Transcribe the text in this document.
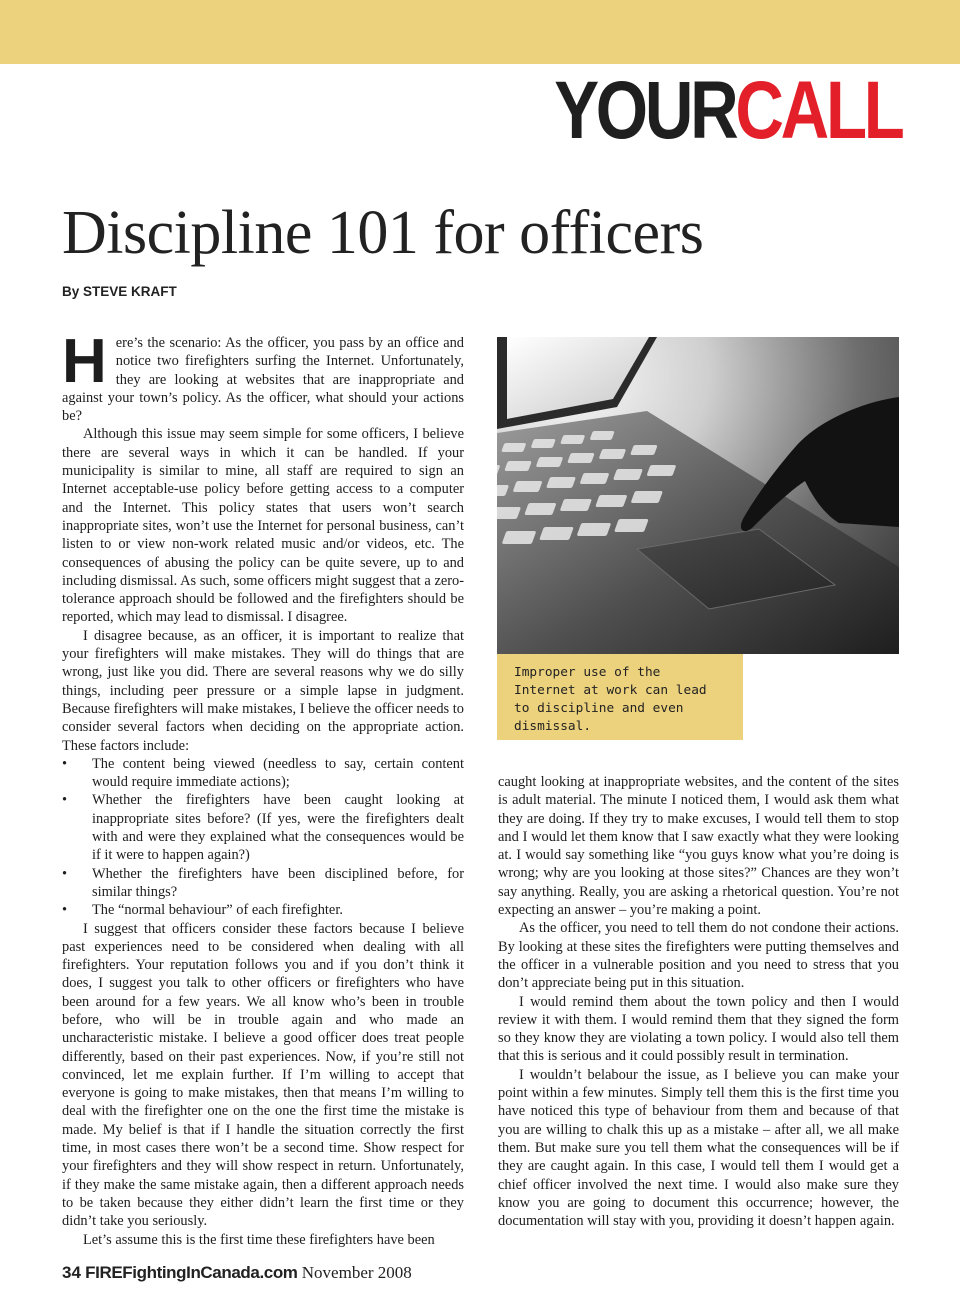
YOURCALL
Discipline 101 for officers
By STEVE KRAFT

Here’s the scenario: As the officer, you pass by an office and notice two firefighters surfing the Internet. Unfortunately, they are looking at websites that are inappropriate and against your town’s policy. As the officer, what should your actions be?

Although this issue may seem simple for some officers, I believe there are several ways in which it can be handled. If your municipality is similar to mine, all staff are required to sign an Internet acceptable-use policy before getting access to a computer and the Internet. This policy states that users won’t search inappropriate sites, won’t use the Internet for personal business, can’t listen to or view non-work related music and/or videos, etc. The consequences of abusing the policy can be quite severe, up to and including dismissal. As such, some officers might suggest that a zero-tolerance approach should be followed and the firefighters should be reported, which may lead to dismissal. I disagree.

I disagree because, as an officer, it is important to realize that your firefighters will make mistakes. They will do things that are wrong, just like you did. There are several reasons why we do silly things, including peer pressure or a simple lapse in judgment. Because firefighters will make mistakes, I believe the officer needs to consider several factors when deciding on the appropriate action. These factors include:

• The content being viewed (needless to say, certain content would require immediate actions);
• Whether the firefighters have been caught looking at inappropriate sites before? (If yes, were the firefighters dealt with and were they explained what the consequences would be if it were to happen again?)
• Whether the firefighters have been disciplined before, for similar things?
• The “normal behaviour” of each firefighter.

I suggest that officers consider these factors because I believe past experiences need to be considered when dealing with all firefighters. Your reputation follows you and if you don’t think it does, I suggest you talk to other officers or firefighters who have been around for a few years. We all know who’s been in trouble before, who will be in trouble again and who made an uncharacteristic mistake. I believe a good officer does treat people differently, based on their past experiences. Now, if you’re still not convinced, let me explain further. If I’m willing to accept that everyone is going to make mistakes, then that means I’m willing to deal with the firefighter one on the one the first time the mistake is made. My belief is that if I handle the situation correctly the first time, in most cases there won’t be a second time. Show respect for your firefighters and they will show respect in return. Unfortunately, if they make the same mistake again, then a different approach needs to be taken because they either didn’t learn the first time or they didn’t take you seriously.

Let’s assume this is the first time these firefighters have been

Improper use of the Internet at work can lead to discipline and even dismissal.

caught looking at inappropriate websites, and the content of the sites is adult material. The minute I noticed them, I would ask them what they are doing. If they try to make excuses, I would tell them to stop and I would let them know that I saw exactly what they were looking at. I would say something like “you guys know what you’re doing is wrong; why are you looking at those sites?” Chances are they won’t say anything. Really, you are asking a rhetorical question. You’re not expecting an answer – you’re making a point.

As the officer, you need to tell them do not condone their actions. By looking at these sites the firefighters were putting themselves and the officer in a vulnerable position and you need to stress that you don’t appreciate being put in this situation.

I would remind them about the town policy and then I would review it with them. I would remind them that they signed the form so they know they are violating a town policy. I would also tell them that this is serious and it could possibly result in termination.

I wouldn’t belabour the issue, as I believe you can make your point within a few minutes. Simply tell them this is the first time you have noticed this type of behaviour from them and because of that you are willing to chalk this up as a mistake – after all, we all make them. But make sure you tell them what the consequences will be if they are caught again. In this case, I would tell them I would get a chief officer involved the next time. I would also make sure they know you are going to document this occurrence; however, the documentation will stay with you, providing it doesn’t happen again.

34 FIREFightingInCanada.com November 2008
